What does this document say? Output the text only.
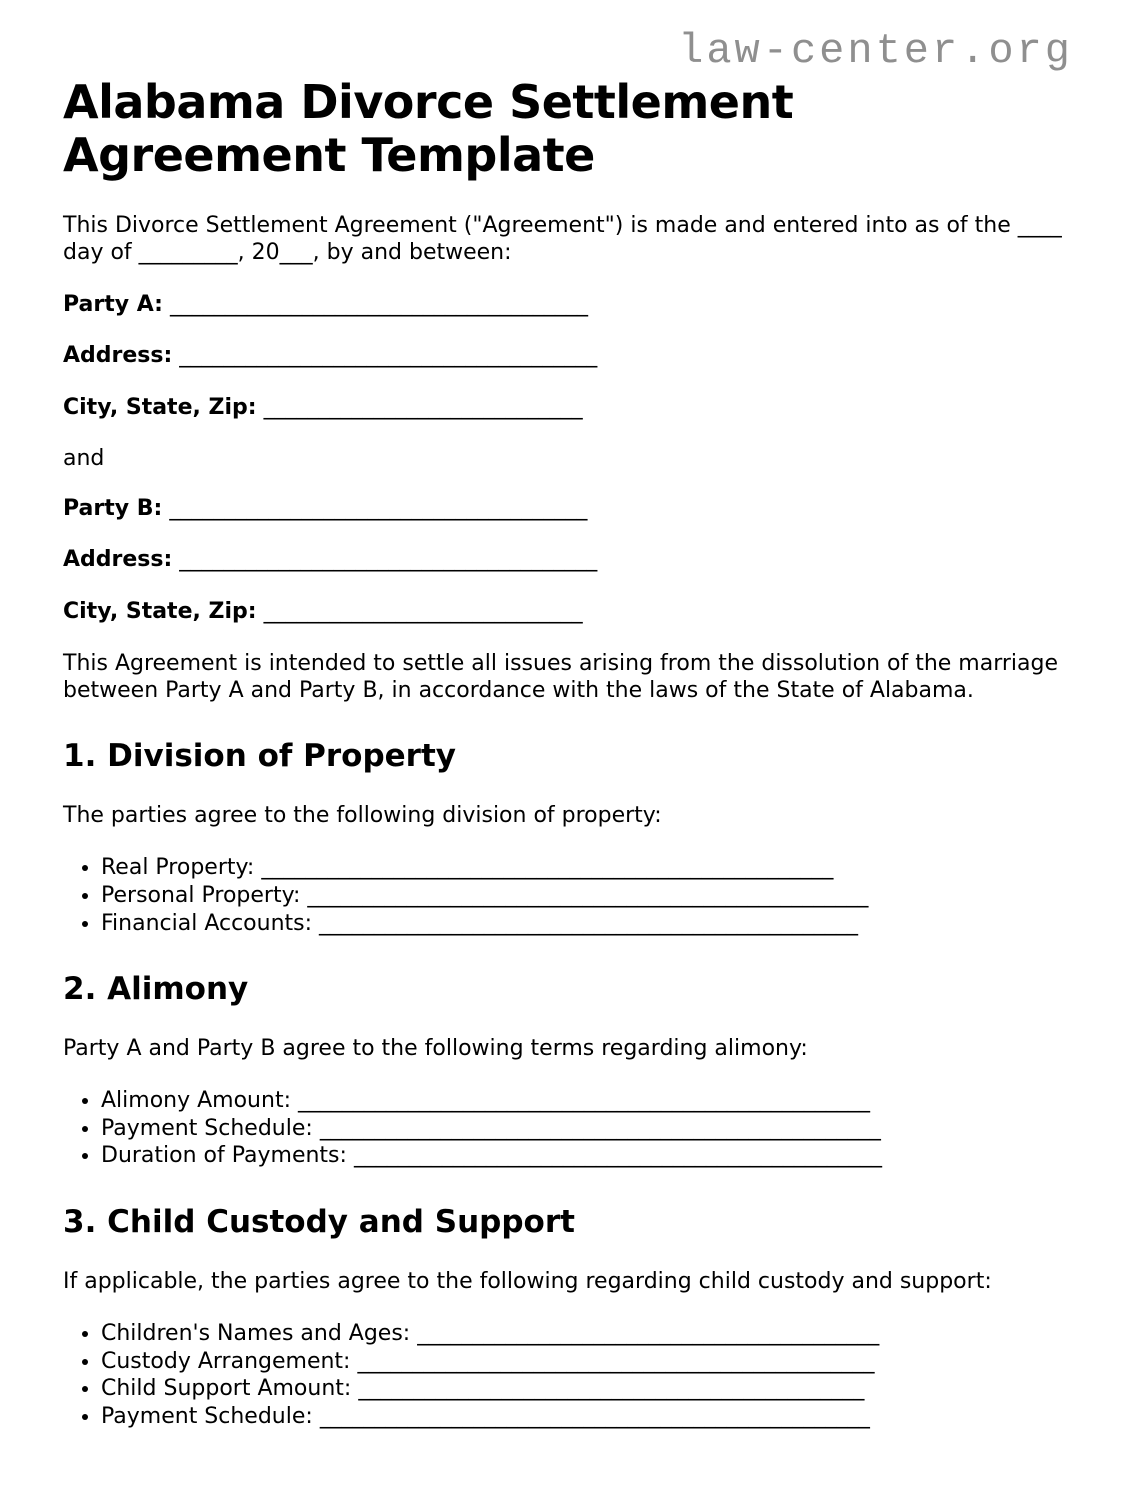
law-center.org
Alabama Divorce Settlement Agreement Template

This Divorce Settlement Agreement ("Agreement") is made and entered into as of the ____ day of _________, 20___, by and between:

Party A: ______________________________________

Address: ______________________________________

City, State, Zip: _____________________________

and

Party B: ______________________________________

Address: ______________________________________

City, State, Zip: _____________________________

This Agreement is intended to settle all issues arising from the dissolution of the marriage between Party A and Party B, in accordance with the laws of the State of Alabama.

1. Division of Property

The parties agree to the following division of property:

• Real Property: ____________________________________________________
• Personal Property: ___________________________________________________
• Financial Accounts: _________________________________________________
2. Alimony

Party A and Party B agree to the following terms regarding alimony:

• Alimony Amount: ____________________________________________________
• Payment Schedule: ___________________________________________________
• Duration of Payments: ________________________________________________
3. Child Custody and Support

If applicable, the parties agree to the following regarding child custody and support:

• Children's Names and Ages: __________________________________________
• Custody Arrangement: _______________________________________________
• Child Support Amount: ______________________________________________
• Payment Schedule: __________________________________________________
